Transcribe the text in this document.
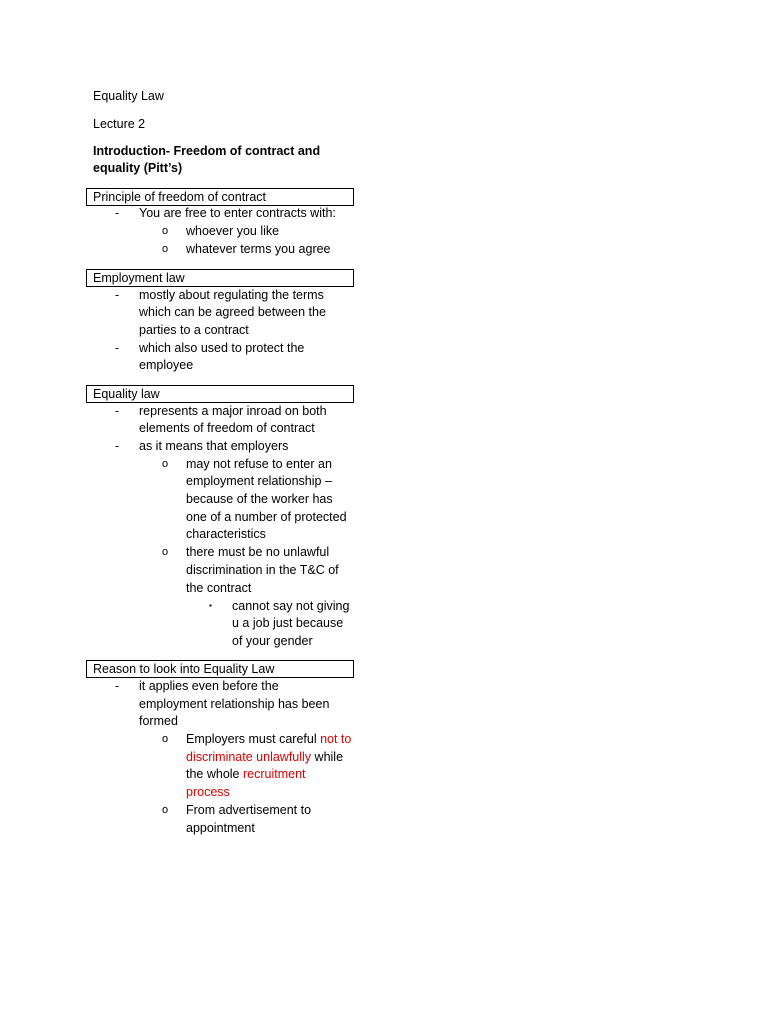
Equality Law
Lecture 2
Introduction- Freedom of contract and
equality (Pitt’s)
Principle of freedom of contract
- You are free to enter contracts with:
o whoever you like
o whatever terms you agree
Employment law
- mostly about regulating the terms
which can be agreed between the
parties to a contract
- which also used to protect the
employee
Equality law
- represents a major inroad on both
elements of freedom of contract
- as it means that employers
o may not refuse to enter an
employment relationship –
because of the worker has
one of a number of protected
characteristics
o there must be no unlawful
discrimination in the T&C of
the contract
▪ cannot say not giving
u a job just because
of your gender
Reason to look into Equality Law
- it applies even before the
employment relationship has been
formed
o Employers must careful not to
discriminate unlawfully while
the whole recruitment
process
o From advertisement to
appointment
